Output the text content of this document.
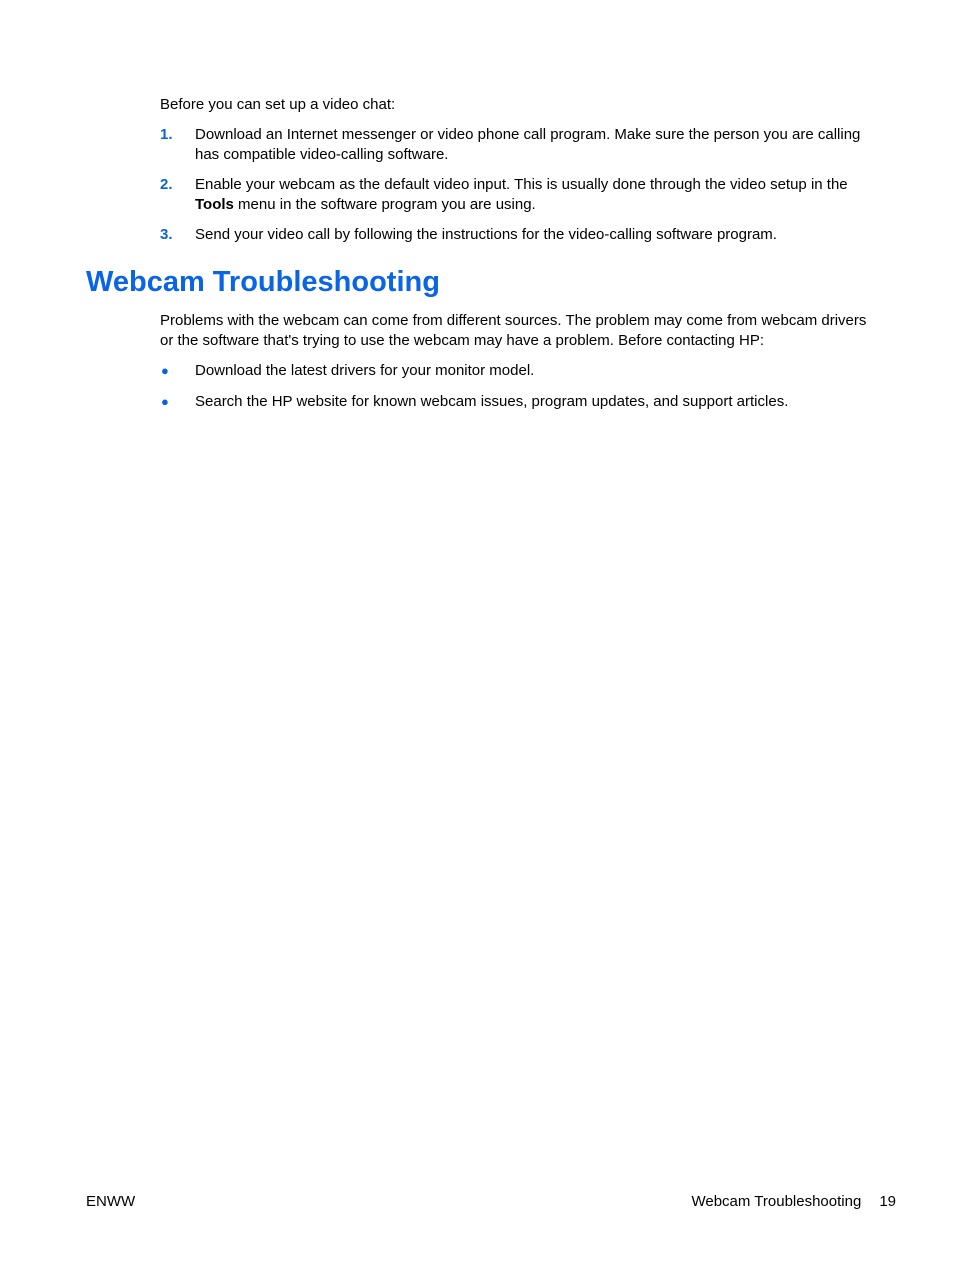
Before you can set up a video chat:

1. Download an Internet messenger or video phone call program. Make sure the person you are calling has compatible video-calling software.
2. Enable your webcam as the default video input. This is usually done through the video setup in the Tools menu in the software program you are using.
3. Send your video call by following the instructions for the video-calling software program.
Webcam Troubleshooting

Problems with the webcam can come from different sources. The problem may come from webcam drivers or the software that's trying to use the webcam may have a problem. Before contacting HP:

● Download the latest drivers for your monitor model.
● Search the HP website for known webcam issues, program updates, and support articles.
ENWW	Webcam Troubleshooting 19
